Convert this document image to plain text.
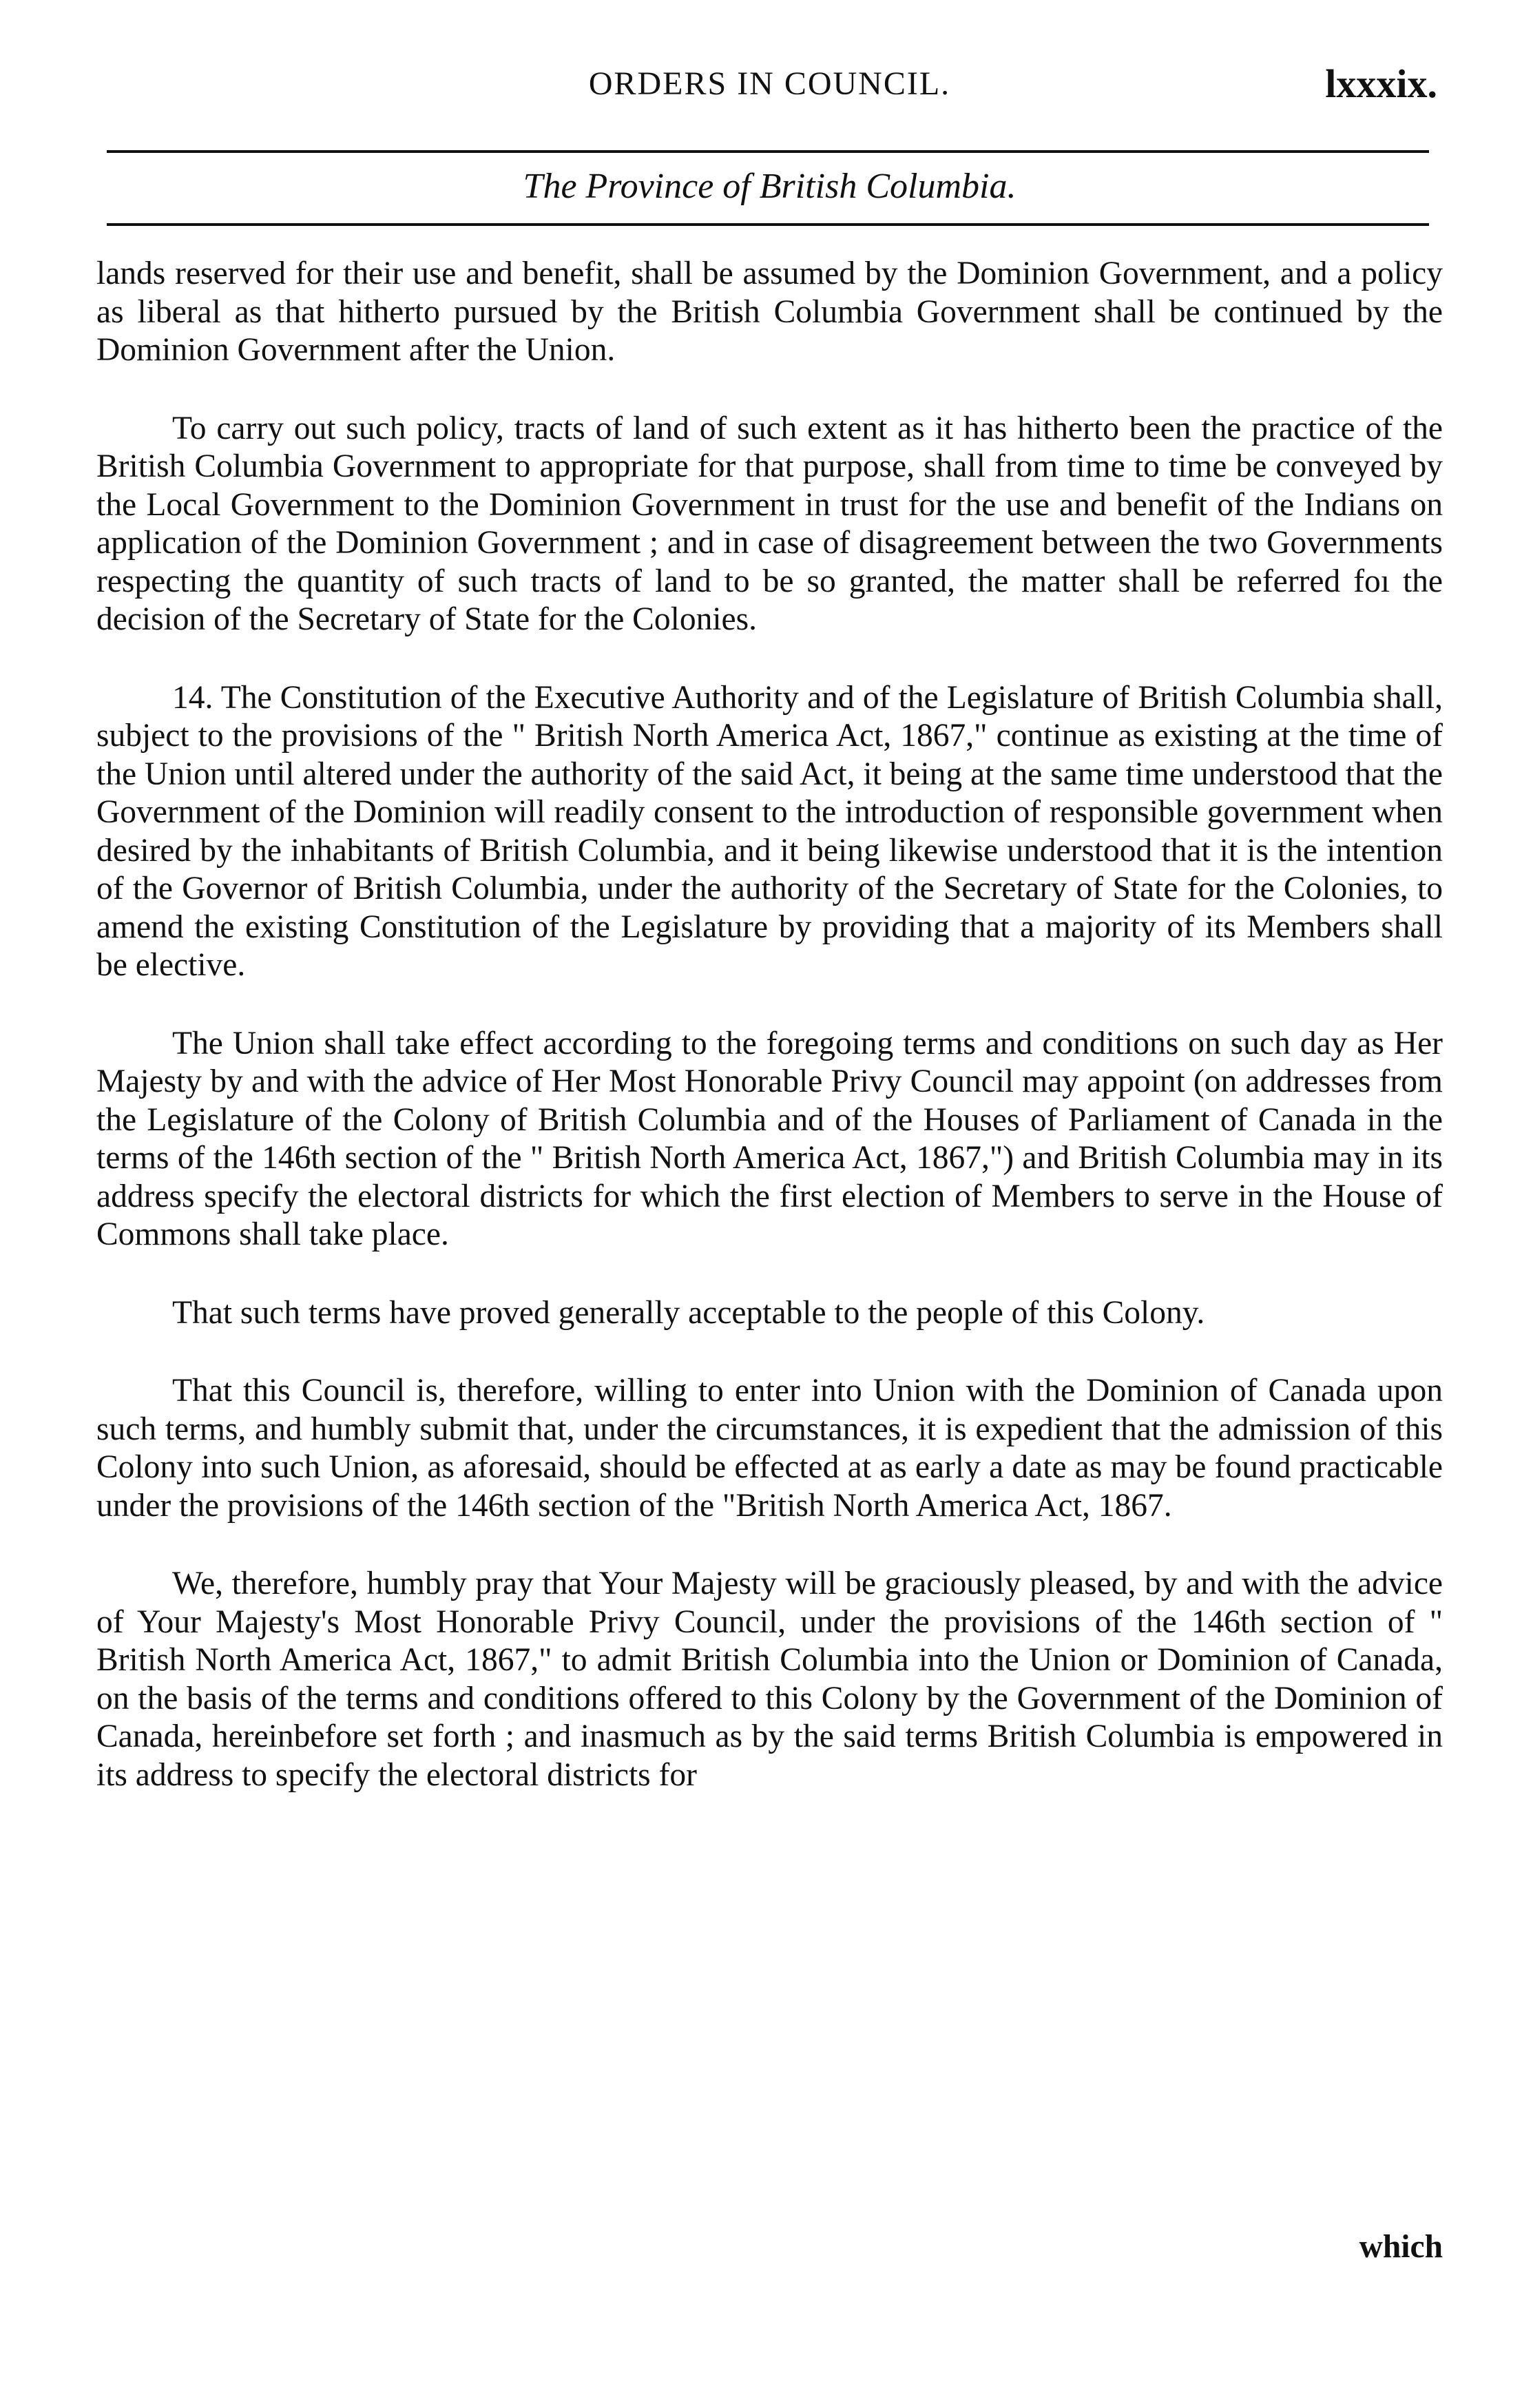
ORDERS IN COUNCIL.	lxxxix.
The Province of British Columbia.

lands reserved for their use and benefit, shall be assumed by the Dominion Government, and a policy as liberal as that hitherto pursued by the British Columbia Government shall be continued by the Dominion Government after the Union.

To carry out such policy, tracts of land of such extent as it has hitherto been the practice of the British Columbia Government to appropriate for that purpose, shall from time to time be conveyed by the Local Government to the Dominion Government in trust for the use and benefit of the Indians on application of the Dominion Government ; and in case of disagreement between the two Governments respecting the quantity of such tracts of land to be so granted, the matter shall be referred foı the decision of the Secretary of State for the Colonies.

14. The Constitution of the Executive Authority and of the Legislature of British Columbia shall, subject to the provisions of the " British North America Act, 1867," continue as existing at the time of the Union until altered under the authority of the said Act, it being at the same time understood that the Government of the Dominion will readily consent to the introduction of responsible government when desired by the inhabitants of British Columbia, and it being likewise understood that it is the intention of the Governor of British Columbia, under the authority of the Secretary of State for the Colonies, to amend the existing Constitution of the Legislature by providing that a majority of its Members shall be elective.

The Union shall take effect according to the foregoing terms and conditions on such day as Her Majesty by and with the advice of Her Most Honorable Privy Council may appoint (on addresses from the Legislature of the Colony of British Columbia and of the Houses of Parliament of Canada in the terms of the 146th section of the " British North America Act, 1867,") and British Columbia may in its address specify the electoral districts for which the first election of Members to serve in the House of Commons shall take place.

That such terms have proved generally acceptable to the people of this Colony.

That this Council is, therefore, willing to enter into Union with the Dominion of Canada upon such terms, and humbly submit that, under the circumstances, it is expedient that the admission of this Colony into such Union, as aforesaid, should be effected at as early a date as may be found practicable under the provisions of the 146th section of the "British North America Act, 1867.

We, therefore, humbly pray that Your Majesty will be graciously pleased, by and with the advice of Your Majesty's Most Honorable Privy Council, under the provisions of the 146th section of " British North America Act, 1867," to admit British Columbia into the Union or Dominion of Canada, on the basis of the terms and conditions offered to this Colony by the Government of the Dominion of Canada, hereinbefore set forth ; and inasmuch as by the said terms British Columbia is empowered in its address to specify the electoral districts for

which
